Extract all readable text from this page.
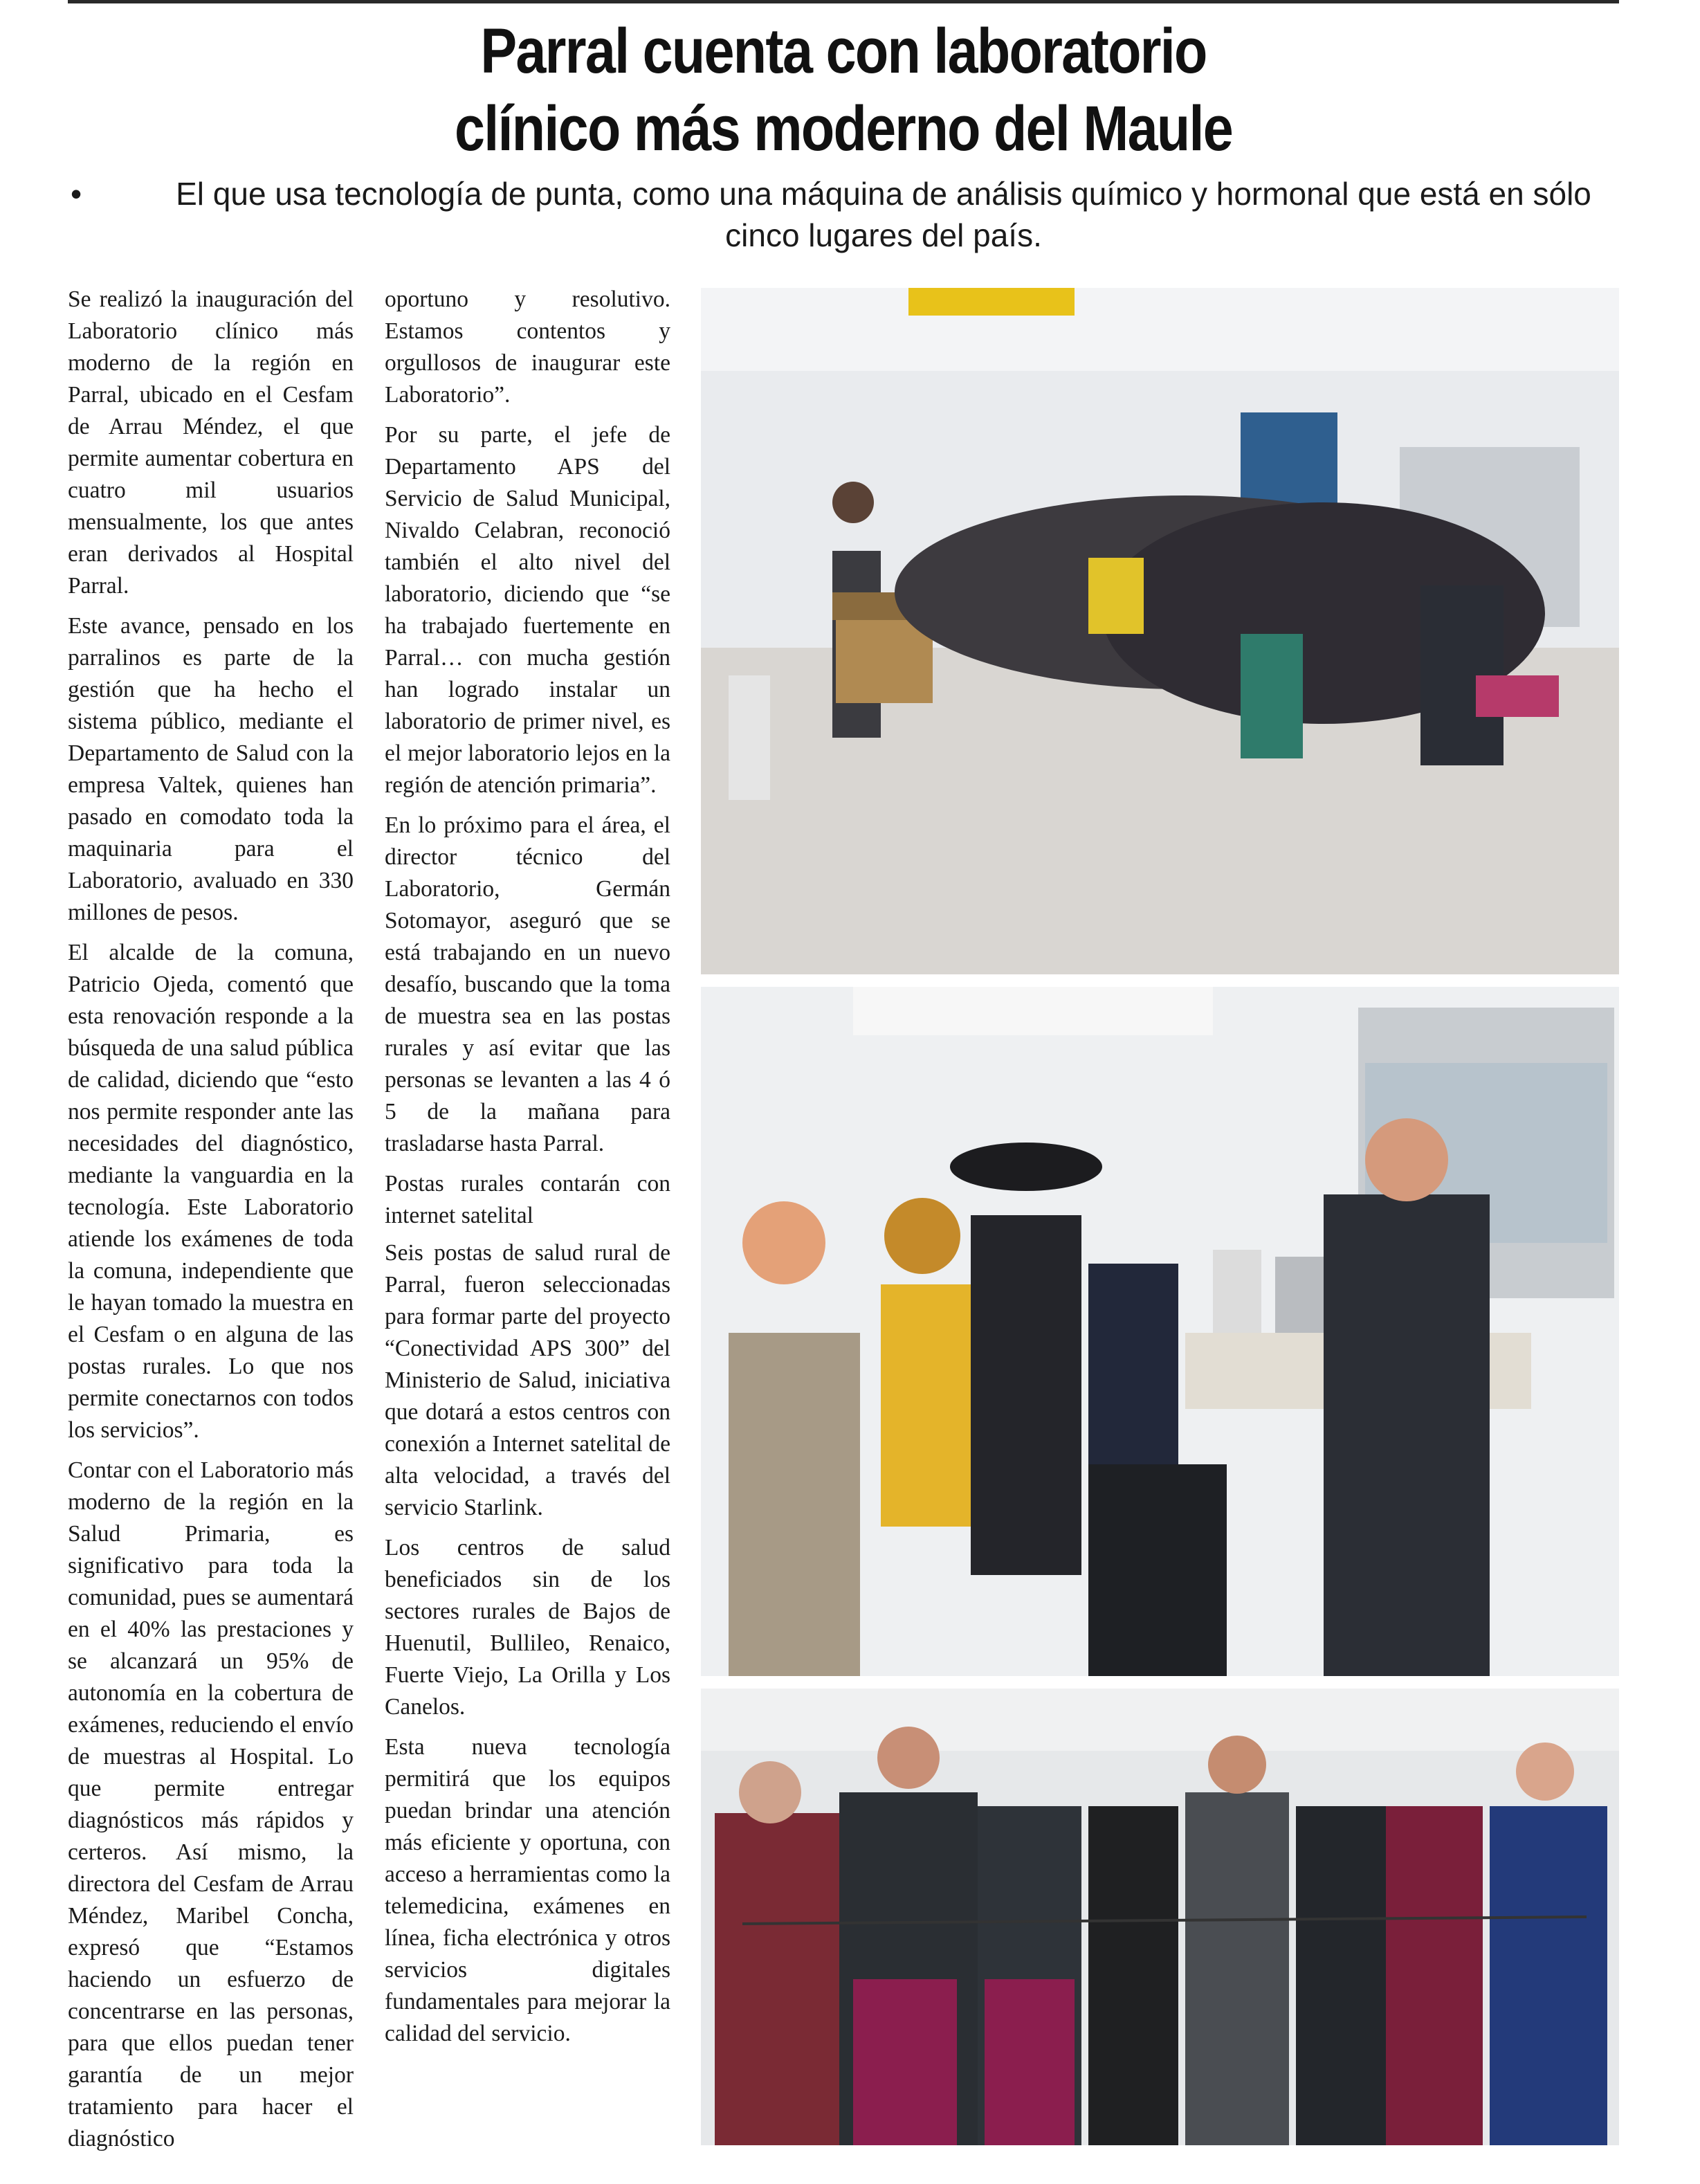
Parral cuenta con laboratorio
clínico más moderno del Maule
•	El que usa tecnología de punta, como una máquina de análisis químico y hormonal que está en sólo cinco lugares del país.

Se realizó la inauguración del Laboratorio clínico más moderno de la región en Parral, ubicado en el Cesfam de Arrau Méndez, el que permite aumentar cobertura en cuatro mil usuarios mensualmente, los que antes eran derivados al Hospital Parral.

Este avance, pensado en los parralinos es parte de la gestión que ha hecho el sistema público, mediante el Departamento de Salud con la empresa Valtek, quienes han pasado en comodato toda la maquinaria para el Laboratorio, avaluado en 330 millones de pesos.

El alcalde de la comuna, Patricio Ojeda, comentó que esta renovación responde a la búsqueda de una salud pública de calidad, diciendo que “esto nos permite responder ante las necesidades del diagnóstico, mediante la vanguardia en la tecnología. Este Laboratorio atiende los exámenes de toda la comuna, independiente que le hayan tomado la muestra en el Cesfam o en alguna de las postas rurales. Lo que nos permite conectarnos con todos los servicios”.

Contar con el Laboratorio más moderno de la región en la Salud Primaria, es significativo para toda la comunidad, pues se aumentará en el 40% las prestaciones y se alcanzará un 95% de autonomía en la cobertura de exámenes, reduciendo el envío de muestras al Hospital. Lo que permite entregar diagnósticos más rápidos y certeros. Así mismo, la directora del Cesfam de Arrau Méndez, Maribel Concha, expresó que “Estamos haciendo un esfuerzo de concentrarse en las personas, para que ellos puedan tener garantía de un mejor tratamiento para hacer el diagnóstico

oportuno y resolutivo. Estamos contentos y orgullosos de inaugurar este Laboratorio”.

Por su parte, el jefe de Departamento APS del Servicio de Salud Municipal, Nivaldo Celabran, reconoció también el alto nivel del laboratorio, diciendo que “se ha trabajado fuertemente en Parral… con mucha gestión han logrado instalar un laboratorio de primer nivel, es el mejor laboratorio lejos en la región de atención primaria”.

En lo próximo para el área, el director técnico del Laboratorio, Germán Sotomayor, aseguró que se está trabajando en un nuevo desafío, buscando que la toma de muestra sea en las postas rurales y así evitar que las personas se levanten a las 4 ó 5 de la mañana para trasladarse hasta Parral.

Postas rurales contarán con internet satelital

Seis postas de salud rural de Parral, fueron seleccionadas para formar parte del proyecto “Conectividad APS 300” del Ministerio de Salud, iniciativa que dotará a estos centros con conexión a Internet satelital de alta velocidad, a través del servicio Starlink.

Los centros de salud beneficiados sin de los sectores rurales de Bajos de Huenutil, Bullileo, Renaico, Fuerte Viejo, La Orilla y Los Canelos.

Esta nueva tecnología permitirá que los equipos puedan brindar una atención más eficiente y oportuna, con acceso a herramientas como la telemedicina, exámenes en línea, ficha electrónica y otros servicios digitales fundamentales para mejorar la calidad del servicio.
